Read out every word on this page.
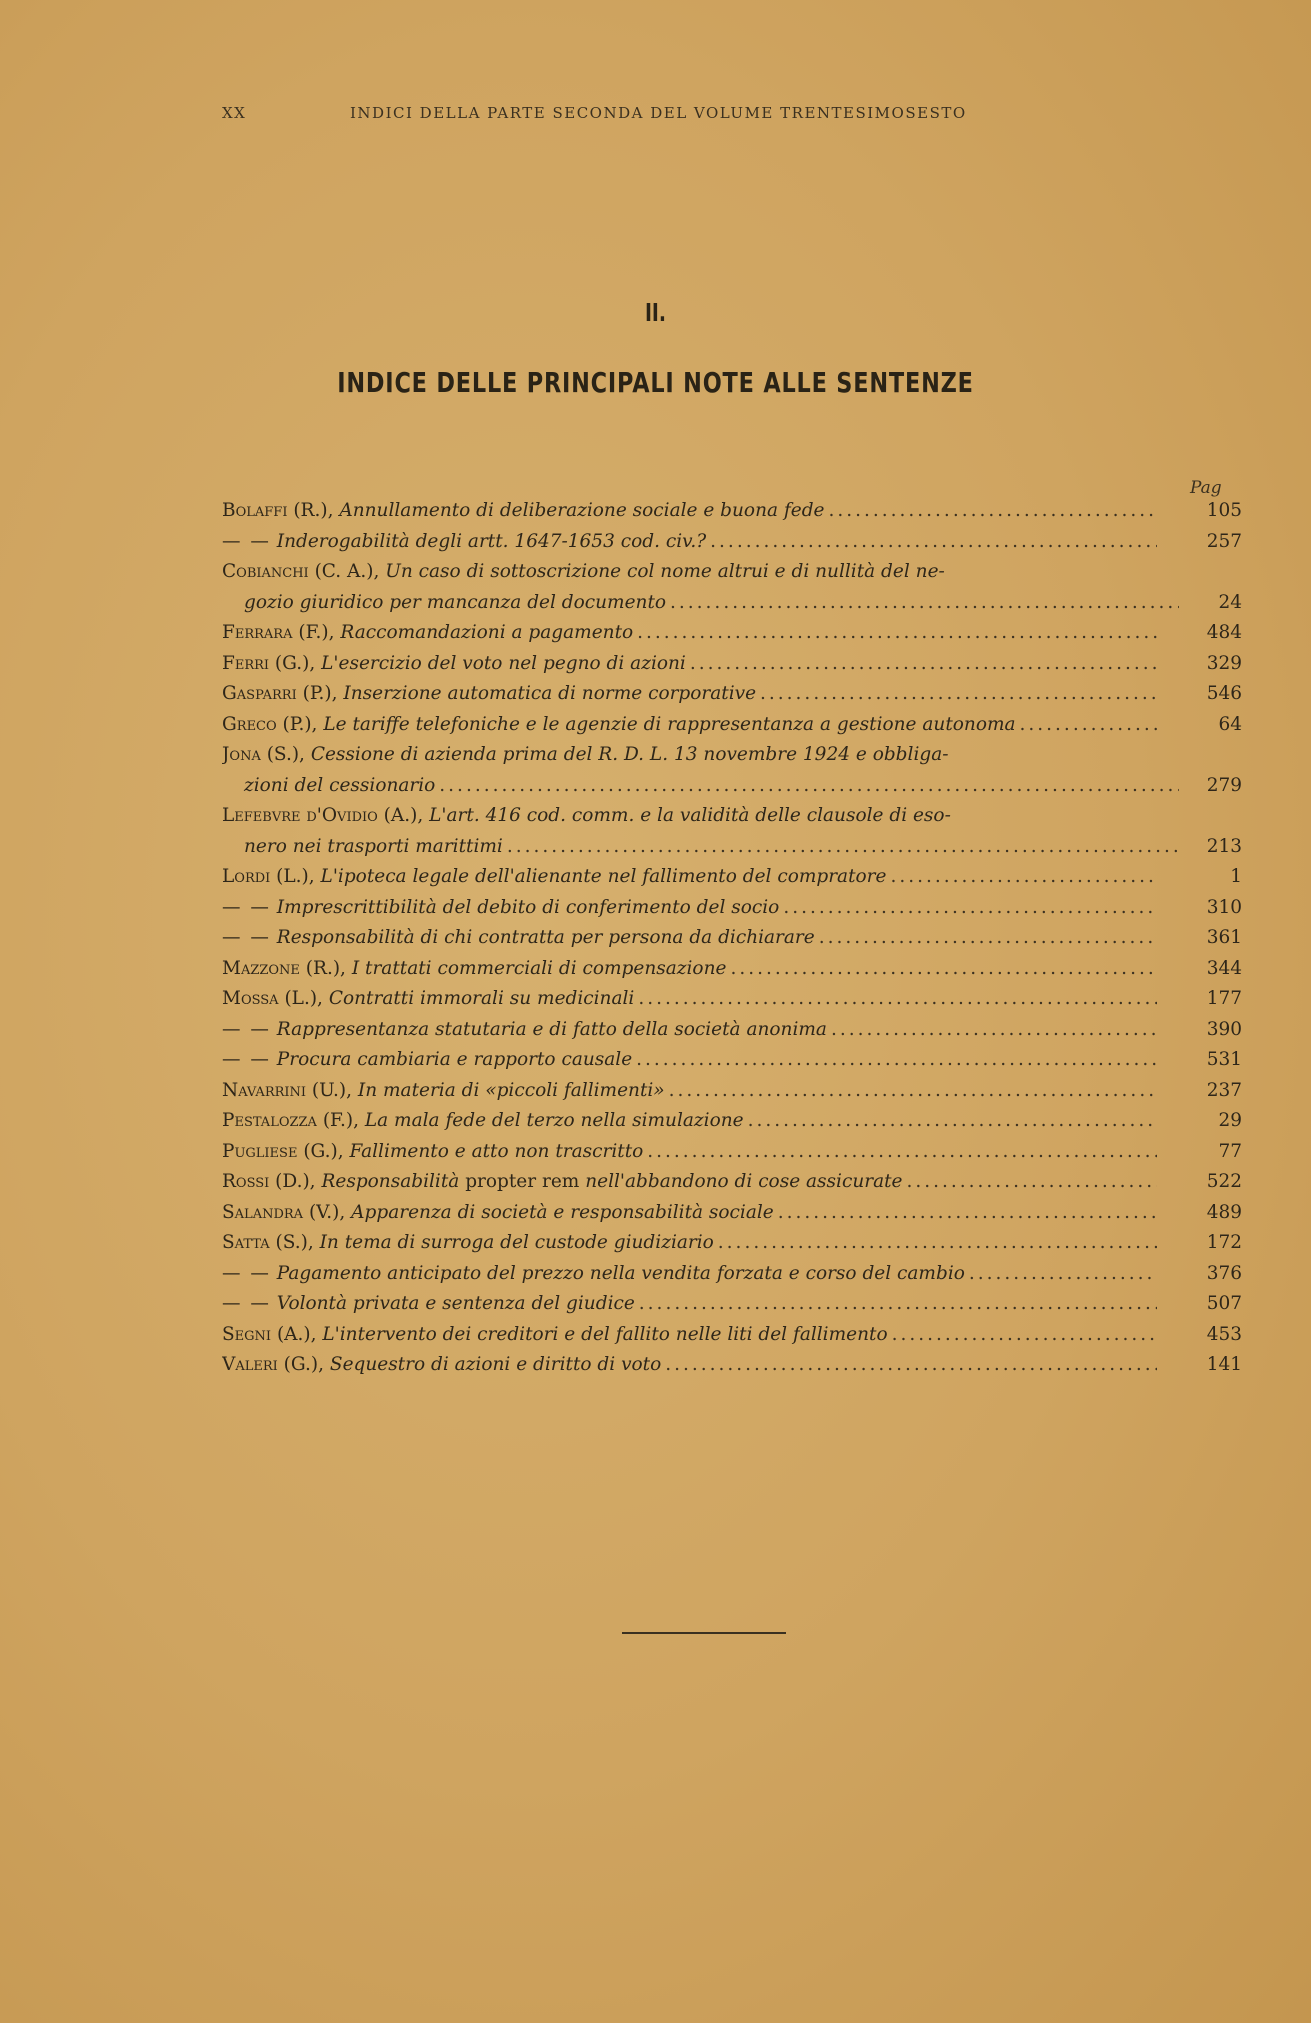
XX	INDICI DELLA PARTE SECONDA DEL VOLUME TRENTESIMOSESTO
II.
INDICE DELLE PRINCIPALI NOTE ALLE SENTENZE
Pag
Bolaffi (R.), Annullamento di deliberazione sociale e buona fede .....	105
— — Inderogabilità degli artt. 1647-1653 cod. civ.? .....	257
Cobianchi (C. A.), Un caso di sottoscrizione col nome altrui e di nullità del ne-
gozio giuridico per mancanza del documento .....	24
Ferrara (F.), Raccomandazioni a pagamento .....	484
Ferri (G.), L'esercizio del voto nel pegno di azioni .....	329
Gasparri (P.), Inserzione automatica di norme corporative .....	546
Greco (P.), Le tariffe telefoniche e le agenzie di rappresentanza a gestione autonoma .....	64
Jona (S.), Cessione di azienda prima del R. D. L. 13 novembre 1924 e obbliga-
zioni del cessionario .....	279
Lefebvre d'Ovidio (A.), L'art. 416 cod. comm. e la validità delle clausole di eso-
nero nei trasporti marittimi .....	213
Lordi (L.), L'ipoteca legale dell'alienante nel fallimento del compratore .....	1
— — Imprescrittibilità del debito di conferimento del socio .....	310
— — Responsabilità di chi contratta per persona da dichiarare .....	361
Mazzone (R.), I trattati commerciali di compensazione .....	344
Mossa (L.), Contratti immorali su medicinali .....	177
— — Rappresentanza statutaria e di fatto della società anonima .....	390
— — Procura cambiaria e rapporto causale .....	531
Navarrini (U.), In materia di «piccoli fallimenti» .....	237
Pestalozza (F.), La mala fede del terzo nella simulazione .....	29
Pugliese (G.), Fallimento e atto non trascritto .....	77
Rossi (D.), Responsabilità propter rem nell'abbandono di cose assicurate .....	522
Salandra (V.), Apparenza di società e responsabilità sociale .....	489
Satta (S.), In tema di surroga del custode giudiziario .....	172
— — Pagamento anticipato del prezzo nella vendita forzata e corso del cambio .....	376
— — Volontà privata e sentenza del giudice .....	507
Segni (A.), L'intervento dei creditori e del fallito nelle liti del fallimento .....	453
Valeri (G.), Sequestro di azioni e diritto di voto .....	141
